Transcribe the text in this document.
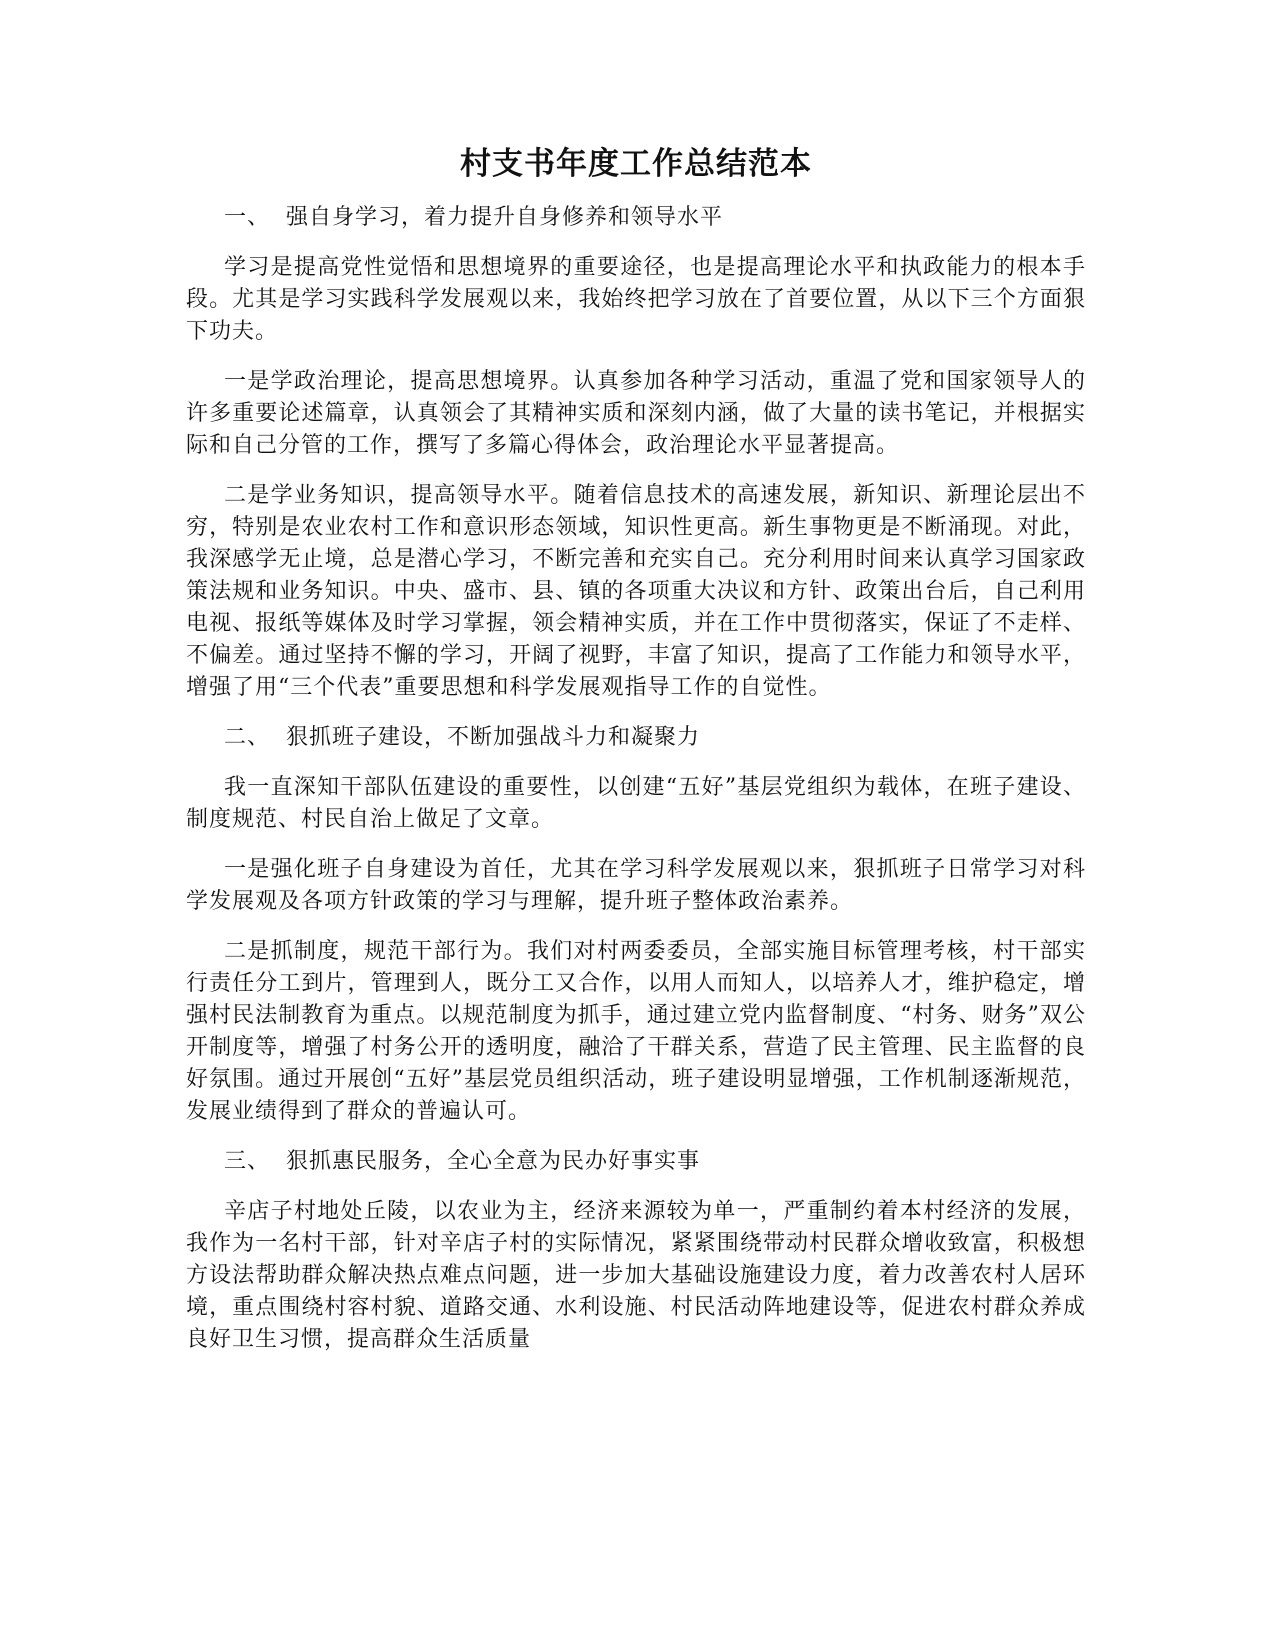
村支书年度工作总结范本

一、 强自身学习，着力提升自身修养和领导水平

学习是提高党性觉悟和思想境界的重要途径，也是提高理论水平和执政能力的根本手段。尤其是学习实践科学发展观以来，我始终把学习放在了首要位置，从以下三个方面狠下功夫。

一是学政治理论，提高思想境界。认真参加各种学习活动，重温了党和国家领导人的许多重要论述篇章，认真领会了其精神实质和深刻内涵，做了大量的读书笔记，并根据实际和自己分管的工作，撰写了多篇心得体会，政治理论水平显著提高。

二是学业务知识，提高领导水平。随着信息技术的高速发展，新知识、新理论层出不穷，特别是农业农村工作和意识形态领域，知识性更高。新生事物更是不断涌现。对此，我深感学无止境，总是潜心学习，不断完善和充实自己。充分利用时间来认真学习国家政策法规和业务知识。中央、盛市、县、镇的各项重大决议和方针、政策出台后，自己利用电视、报纸等媒体及时学习掌握，领会精神实质，并在工作中贯彻落实，保证了不走样、不偏差。通过坚持不懈的学习，开阔了视野，丰富了知识，提高了工作能力和领导水平，增强了用“三个代表”重要思想和科学发展观指导工作的自觉性。

二、 狠抓班子建设，不断加强战斗力和凝聚力

我一直深知干部队伍建设的重要性，以创建“五好”基层党组织为载体，在班子建设、制度规范、村民自治上做足了文章。

一是强化班子自身建设为首任，尤其在学习科学发展观以来，狠抓班子日常学习对科学发展观及各项方针政策的学习与理解，提升班子整体政治素养。

二是抓制度，规范干部行为。我们对村两委委员，全部实施目标管理考核，村干部实行责任分工到片，管理到人，既分工又合作，以用人而知人，以培养人才，维护稳定，增强村民法制教育为重点。以规范制度为抓手，通过建立党内监督制度、“村务、财务”双公开制度等，增强了村务公开的透明度，融洽了干群关系，营造了民主管理、民主监督的良好氛围。通过开展创“五好”基层党员组织活动，班子建设明显增强，工作机制逐渐规范，发展业绩得到了群众的普遍认可。

三、 狠抓惠民服务，全心全意为民办好事实事

辛店子村地处丘陵，以农业为主，经济来源较为单一，严重制约着本村经济的发展，我作为一名村干部，针对辛店子村的实际情况，紧紧围绕带动村民群众增收致富，积极想方设法帮助群众解决热点难点问题，进一步加大基础设施建设力度，着力改善农村人居环境，重点围绕村容村貌、道路交通、水利设施、村民活动阵地建设等，促进农村群众养成良好卫生习惯，提高群众生活质量
